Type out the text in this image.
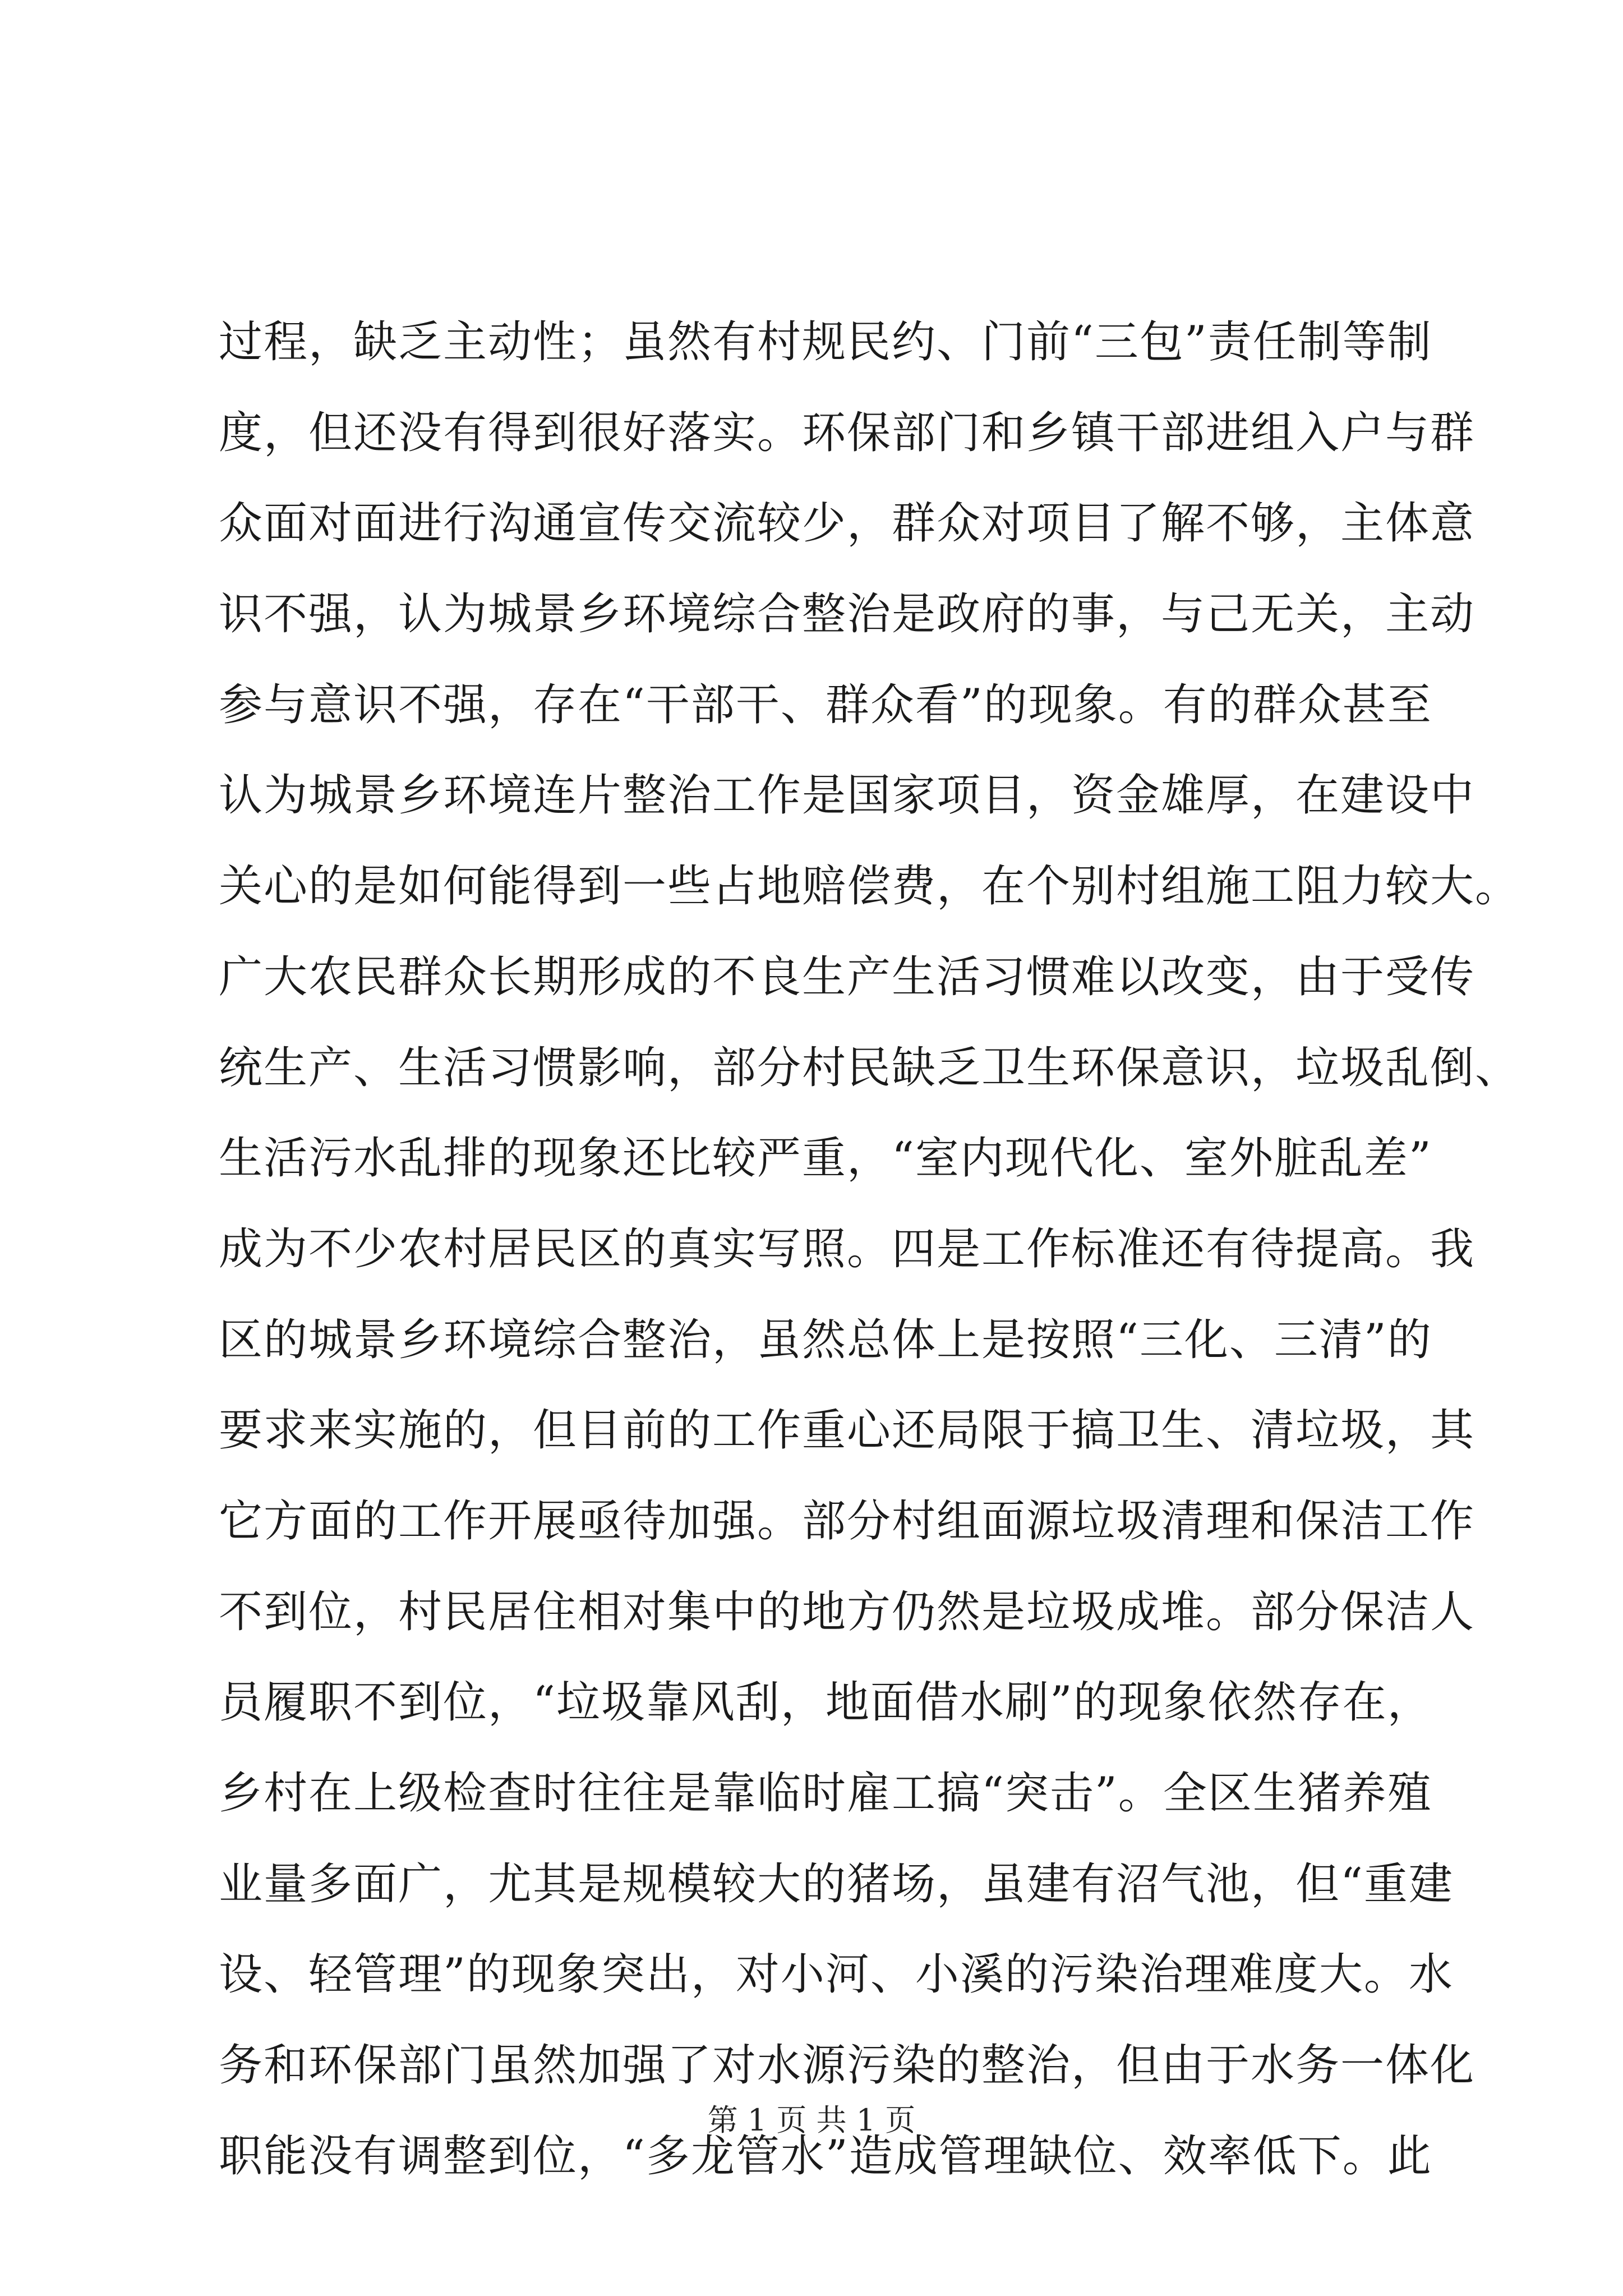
过程，缺乏主动性；虽然有村规民约、门前“三包”责任制等制
度，但还没有得到很好落实。环保部门和乡镇干部进组入户与群
众面对面进行沟通宣传交流较少，群众对项目了解不够，主体意
识不强，认为城景乡环境综合整治是政府的事，与己无关，主动
参与意识不强，存在“干部干、群众看”的现象。有的群众甚至
认为城景乡环境连片整治工作是国家项目，资金雄厚，在建设中
关心的是如何能得到一些占地赔偿费，在个别村组施工阻力较大。
广大农民群众长期形成的不良生产生活习惯难以改变，由于受传
统生产、生活习惯影响，部分村民缺乏卫生环保意识，垃圾乱倒、
生活污水乱排的现象还比较严重，“室内现代化、室外脏乱差”
成为不少农村居民区的真实写照。四是工作标准还有待提高。我
区的城景乡环境综合整治，虽然总体上是按照“三化、三清”的
要求来实施的，但目前的工作重心还局限于搞卫生、清垃圾，其
它方面的工作开展亟待加强。部分村组面源垃圾清理和保洁工作
不到位，村民居住相对集中的地方仍然是垃圾成堆。部分保洁人
员履职不到位，“垃圾靠风刮，地面借水刷”的现象依然存在，
乡村在上级检查时往往是靠临时雇工搞“突击”。全区生猪养殖
业量多面广，尤其是规模较大的猪场，虽建有沼气池，但“重建
设、轻管理”的现象突出，对小河、小溪的污染治理难度大。水
务和环保部门虽然加强了对水源污染的整治，但由于水务一体化
职能没有调整到位，“多龙管水”造成管理缺位、效率低下。此
第 1 页 共 1 页
